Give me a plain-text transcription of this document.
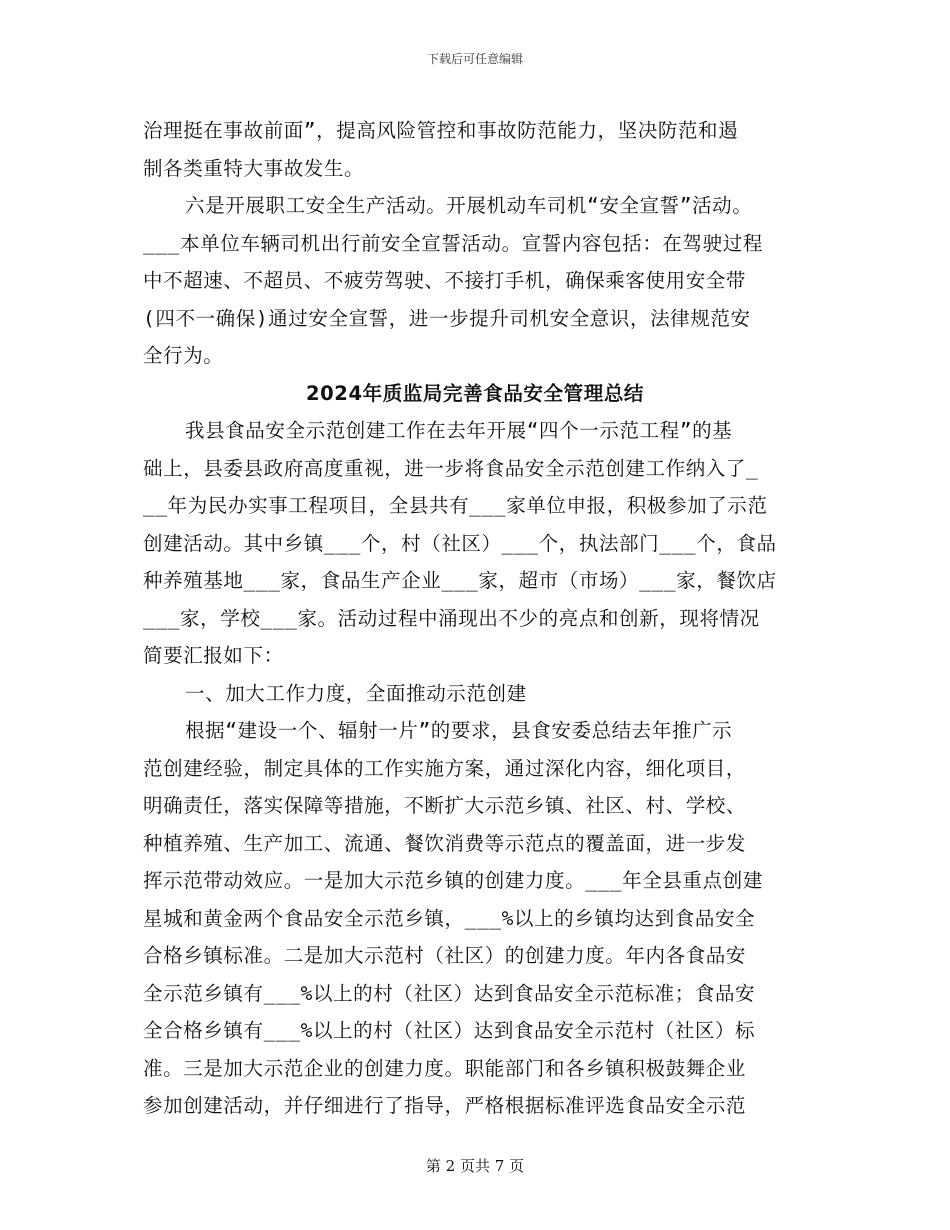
下载后可任意编辑
治理挺在事故前面”，提高风险管控和事故防范能力，坚决防范和遏
制各类重特大事故发生。
六是开展职工安全生产活动。开展机动车司机“安全宣誓”活动。
___本单位车辆司机出行前安全宣誓活动。宣誓内容包括：在驾驶过程
中不超速、不超员、不疲劳驾驶、不接打手机，确保乘客使用安全带
(四不一确保)通过安全宣誓，进一步提升司机安全意识，法律规范安
全行为。
2024年质监局完善食品安全管理总结
我县食品安全示范创建工作在去年开展“四个一示范工程”的基
础上，县委县政府高度重视，进一步将食品安全示范创建工作纳入了_
__年为民办实事工程项目，全县共有___家单位申报，积极参加了示范
创建活动。其中乡镇___个，村（社区）___个，执法部门___个，食品
种养殖基地___家，食品生产企业___家，超市（市场）___家，餐饮店
___家，学校___家。活动过程中涌现出不少的亮点和创新，现将情况
简要汇报如下：
一、加大工作力度，全面推动示范创建
根据“建设一个、辐射一片”的要求，县食安委总结去年推广示
范创建经验，制定具体的工作实施方案，通过深化内容，细化项目，
明确责任，落实保障等措施，不断扩大示范乡镇、社区、村、学校、
种植养殖、生产加工、流通、餐饮消费等示范点的覆盖面，进一步发
挥示范带动效应。一是加大示范乡镇的创建力度。___年全县重点创建
星城和黄金两个食品安全示范乡镇，___%以上的乡镇均达到食品安全
合格乡镇标准。二是加大示范村（社区）的创建力度。年内各食品安
全示范乡镇有___%以上的村（社区）达到食品安全示范标准；食品安
全合格乡镇有___%以上的村（社区）达到食品安全示范村（社区）标
准。三是加大示范企业的创建力度。职能部门和各乡镇积极鼓舞企业
参加创建活动，并仔细进行了指导，严格根据标准评选食品安全示范
第 2 页共 7 页
